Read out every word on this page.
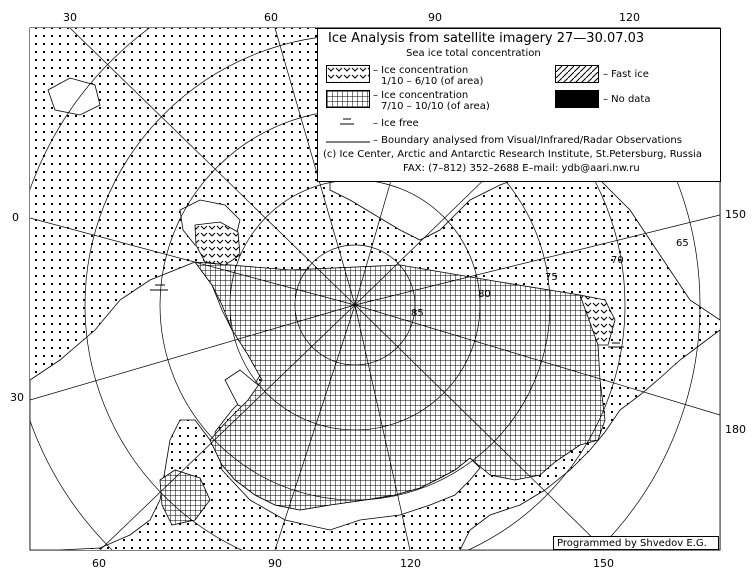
85
80
75
70
65
30	60	90	120
60	90	120	150
0
30
150
180
Ice Analysis from satellite imagery 27—30.07.03
Sea ice total concentration
– Ice concentration
1/10 – 6/10 (of area)
– Ice concentration
7/10 – 10/10 (of area)
– Ice free
– Fast ice
– No data
– Boundary analysed from Visual/Infrared/Radar Observations
(c) Ice Center, Arctic and Antarctic Research Institute, St.Petersburg, Russia
FAX: (7–812) 352–2688 E–mail: ydb@aari.nw.ru
Programmed by Shvedov E.G.
